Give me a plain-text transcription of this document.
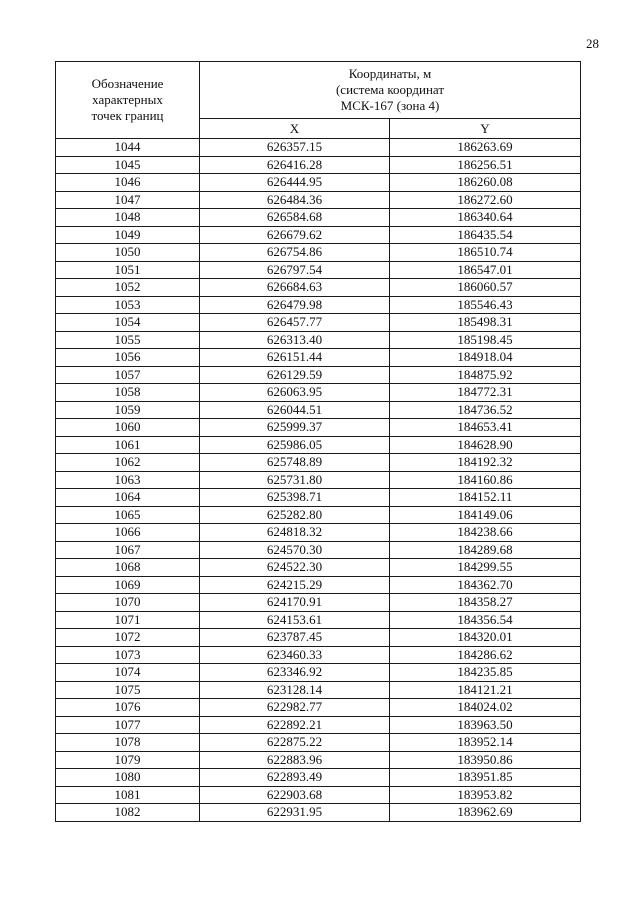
28
Обозначение
характерных
точек границ	Координаты, м
(система координат
МСК-167 (зона 4)	

	X	Y
1044	626357.15	186263.69
1045	626416.28	186256.51
1046	626444.95	186260.08
1047	626484.36	186272.60
1048	626584.68	186340.64
1049	626679.62	186435.54
1050	626754.86	186510.74
1051	626797.54	186547.01
1052	626684.63	186060.57
1053	626479.98	185546.43
1054	626457.77	185498.31
1055	626313.40	185198.45
1056	626151.44	184918.04
1057	626129.59	184875.92
1058	626063.95	184772.31
1059	626044.51	184736.52
1060	625999.37	184653.41
1061	625986.05	184628.90
1062	625748.89	184192.32
1063	625731.80	184160.86
1064	625398.71	184152.11
1065	625282.80	184149.06
1066	624818.32	184238.66
1067	624570.30	184289.68
1068	624522.30	184299.55
1069	624215.29	184362.70
1070	624170.91	184358.27
1071	624153.61	184356.54
1072	623787.45	184320.01
1073	623460.33	184286.62
1074	623346.92	184235.85
1075	623128.14	184121.21
1076	622982.77	184024.02
1077	622892.21	183963.50
1078	622875.22	183952.14
1079	622883.96	183950.86
1080	622893.49	183951.85
1081	622903.68	183953.82
1082	622931.95	183962.69
